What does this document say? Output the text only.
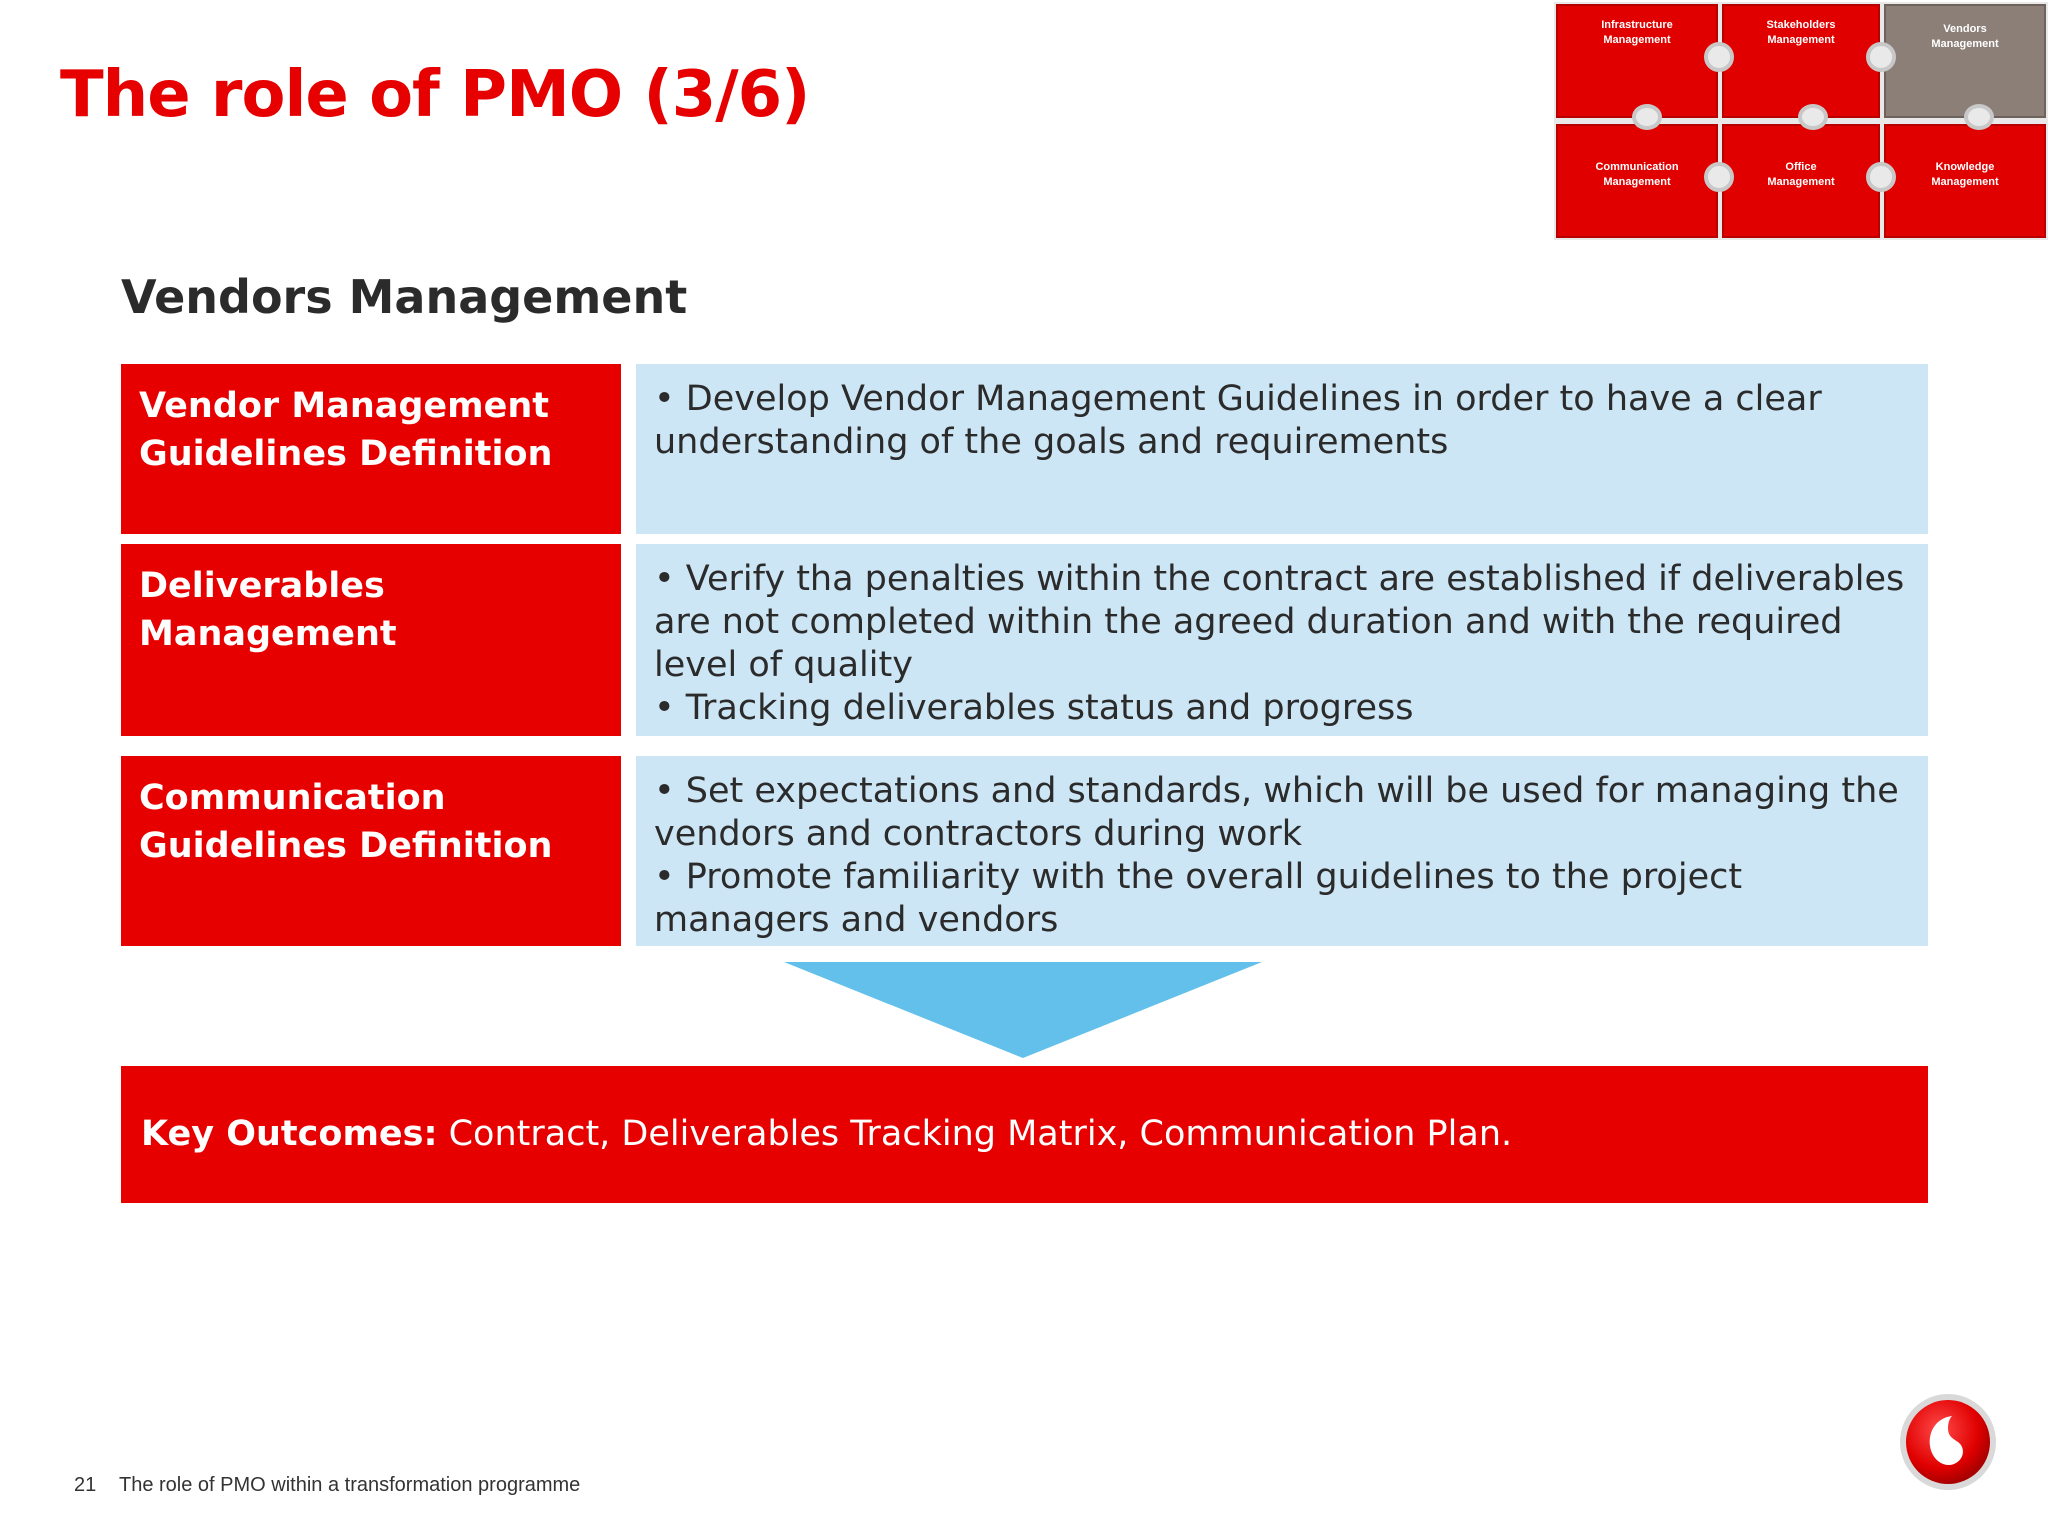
The role of PMO (3/6)
Infrastructure
Management
Stakeholders
Management
Vendors
Management
Communication
Management
Office
Management
Knowledge
Management
Vendors Management
Vendor Management Guidelines Definition
• Develop Vendor Management Guidelines in order to have a clear understanding of the goals and requirements
Deliverables Management
• Verify tha penalties within the contract are established if deliverables are not completed within the agreed duration and with the required level of quality
• Tracking deliverables status and progress
Communication Guidelines Definition
• Set expectations and standards, which will be used for managing the vendors and contractors during work
• Promote familiarity with the overall guidelines to the project managers and vendors
Key Outcomes: Contract, Deliverables Tracking Matrix, Communication Plan.
21 The role of PMO within a transformation programme
